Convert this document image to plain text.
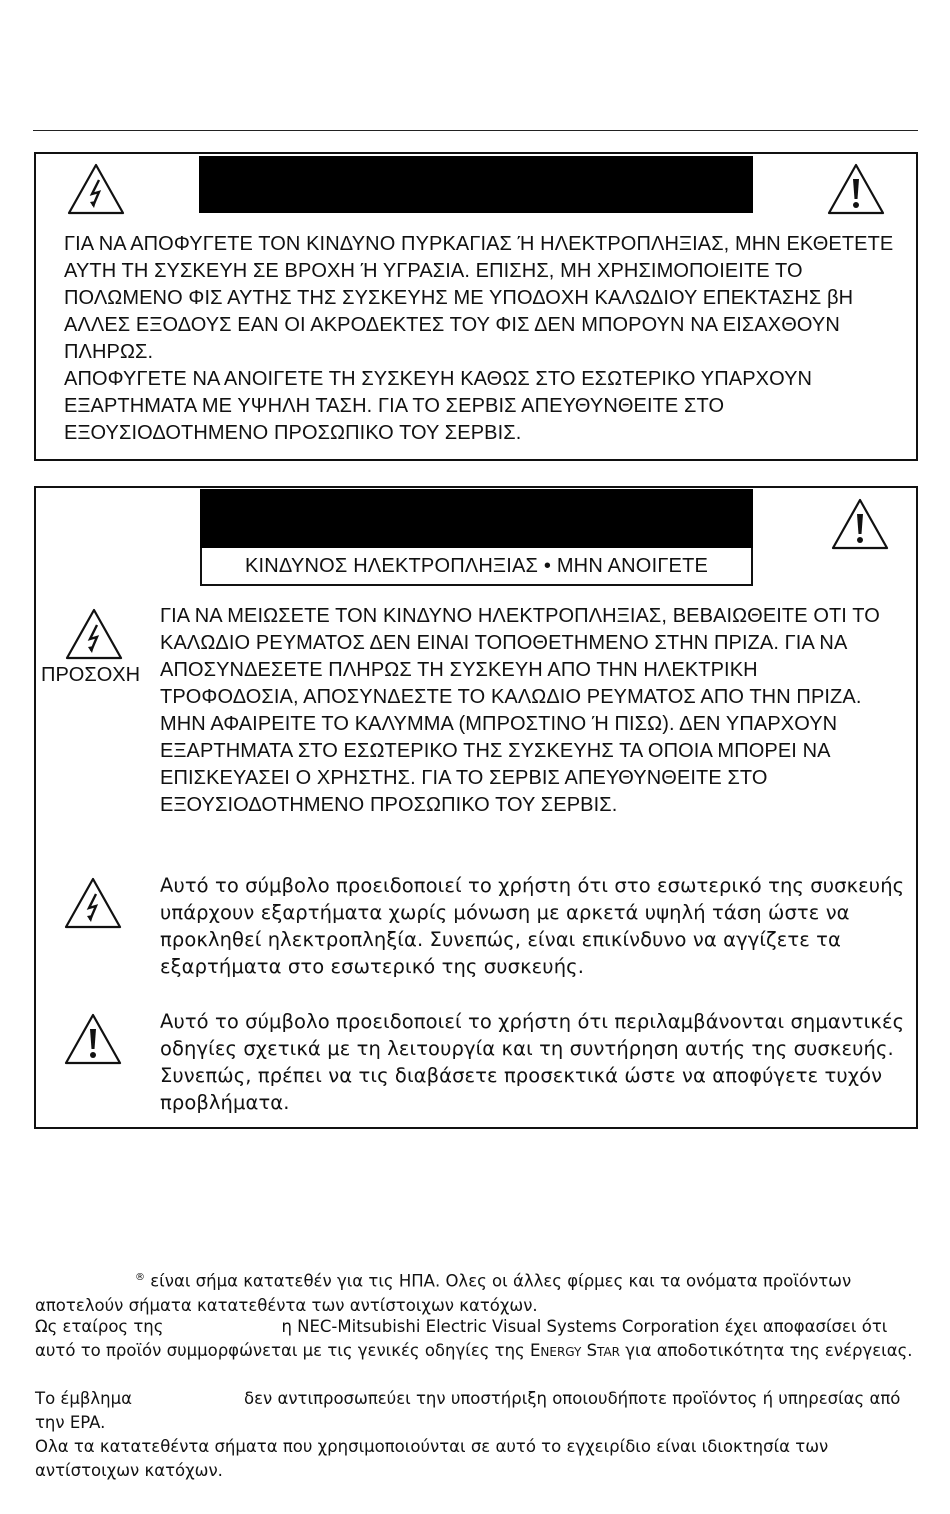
ΓΙΑ ΝΑ ΑΠΟΦΥΓΕΤΕ ΤΟΝ ΚΙΝΔΥΝΟ ΠΥΡΚΑΓΙΑΣ Ή ΗΛΕΚΤΡΟΠΛΗΞΙΑΣ, ΜΗΝ ΕΚΘΕΤΕΤΕ ΑΥΤΗ ΤΗ ΣΥΣΚΕΥΗ ΣΕ ΒΡΟΧΗ Ή ΥΓΡΑΣΙΑ. ΕΠΙΣΗΣ, ΜΗ ΧΡΗΣΙΜΟΠΟΙΕΙΤΕ ΤΟ ΠΟΛΩΜΕΝΟ ΦΙΣ ΑΥΤΗΣ ΤΗΣ ΣΥΣΚΕΥΗΣ ΜΕ ΥΠΟΔΟΧΗ ΚΑΛΩΔΙΟΥ ΕΠΕΚΤΑΣΗΣ βΗ ΑΛΛΕΣ ΕΞΟΔΟΥΣ ΕΑΝ ΟΙ ΑΚΡΟΔΕΚΤΕΣ ΤΟΥ ΦΙΣ ΔΕΝ ΜΠΟΡΟΥΝ ΝΑ ΕΙΣΑΧΘΟΥΝ ΠΛΗΡΩΣ.

ΑΠΟΦΥΓΕΤΕ ΝΑ ΑΝΟΙΓΕΤΕ ΤΗ ΣΥΣΚΕΥΗ ΚΑΘΩΣ ΣΤΟ ΕΣΩΤΕΡΙΚΟ ΥΠΑΡΧΟΥΝ ΕΞΑΡΤΗΜΑΤΑ ΜΕ ΥΨΗΛΗ ΤΑΣΗ. ΓΙΑ ΤΟ ΣΕΡΒΙΣ ΑΠΕΥΘΥΝΘΕΙΤΕ ΣΤΟ ΕΞΟΥΣΙΟΔΟΤΗΜΕΝΟ ΠΡΟΣΩΠΙΚΟ ΤΟΥ ΣΕΡΒΙΣ.

ΚΙΝΔΥΝΟΣ ΗΛΕΚΤΡΟΠΛΗΞΙΑΣ • ΜΗΝ ΑΝΟΙΓΕΤΕ
ΠΡΟΣΟΧΗ

ΓΙΑ ΝΑ ΜΕΙΩΣΕΤΕ ΤΟΝ ΚΙΝΔΥΝΟ ΗΛΕΚΤΡΟΠΛΗΞΙΑΣ, ΒΕΒΑΙΩΘΕΙΤΕ ΟΤΙ ΤΟ ΚΑΛΩΔΙΟ ΡΕΥΜΑΤΟΣ ΔΕΝ ΕΙΝΑΙ ΤΟΠΟΘΕΤΗΜΕΝΟ ΣΤΗΝ ΠΡΙΖΑ. ΓΙΑ ΝΑ ΑΠΟΣΥΝΔΕΣΕΤΕ ΠΛΗΡΩΣ ΤΗ ΣΥΣΚΕΥΗ ΑΠΟ ΤΗΝ ΗΛΕΚΤΡΙΚΗ ΤΡΟΦΟΔΟΣΙΑ, ΑΠΟΣΥΝΔΕΣΤΕ ΤΟ ΚΑΛΩΔΙΟ ΡΕΥΜΑΤΟΣ ΑΠΟ ΤΗΝ ΠΡΙΖΑ. ΜΗΝ ΑΦΑΙΡΕΙΤΕ ΤΟ ΚΑΛΥΜΜΑ (ΜΠΡΟΣΤΙΝΟ Ή ΠΙΣΩ). ΔΕΝ ΥΠΑΡΧΟΥΝ ΕΞΑΡΤΗΜΑΤΑ ΣΤΟ ΕΣΩΤΕΡΙΚΟ ΤΗΣ ΣΥΣΚΕΥΗΣ ΤΑ ΟΠΟΙΑ ΜΠΟΡΕΙ ΝΑ ΕΠΙΣΚΕΥΑΣΕΙ Ο ΧΡΗΣΤΗΣ. ΓΙΑ ΤΟ ΣΕΡΒΙΣ ΑΠΕΥΘΥΝΘΕΙΤΕ ΣΤΟ ΕΞΟΥΣΙΟΔΟΤΗΜΕΝΟ ΠΡΟΣΩΠΙΚΟ ΤΟΥ ΣΕΡΒΙΣ.

Αυτό το σύμβολο προειδοποιεί το χρήστη ότι στο εσωτερικό της συσκευής υπάρχουν εξαρτήματα χωρίς μόνωση με αρκετά υψηλή τάση ώστε να προκληθεί ηλεκτροπληξία. Συνεπώς, είναι επικίνδυνο να αγγίζετε τα εξαρτήματα στο εσωτερικό της συσκευής.

Αυτό το σύμβολο προειδοποιεί το χρήστη ότι περιλαμβάνονται σημαντικές οδηγίες σχετικά με τη λειτουργία και τη συντήρηση αυτής της συσκευής. Συνεπώς, πρέπει να τις διαβάσετε προσεκτικά ώστε να αποφύγετε τυχόν προβλήματα.

® είναι σήμα κατατεθέν για τις ΗΠΑ. Ολες οι άλλες φίρμες και τα ονόματα προϊόντων αποτελούν σήματα κατατεθέντα των αντίστοιχων κατόχων.

Ως εταίρος της	η NEC-Mitsubishi Electric Visual Systems Corporation έχει αποφασίσει ότι αυτό το προϊόν συμμορφώνεται με τις γενικές οδηγίες της Energy Star για αποδοτικότητα της ενέργειας.

Το έμβλημα	δεν αντιπροσωπεύει την υποστήριξη οποιουδήποτε προϊόντος ή υπηρεσίας από την EPA.

Ολα τα κατατεθέντα σήματα που χρησιμοποιούνται σε αυτό το εγχειρίδιο είναι ιδιοκτησία των αντίστοιχων κατόχων.
